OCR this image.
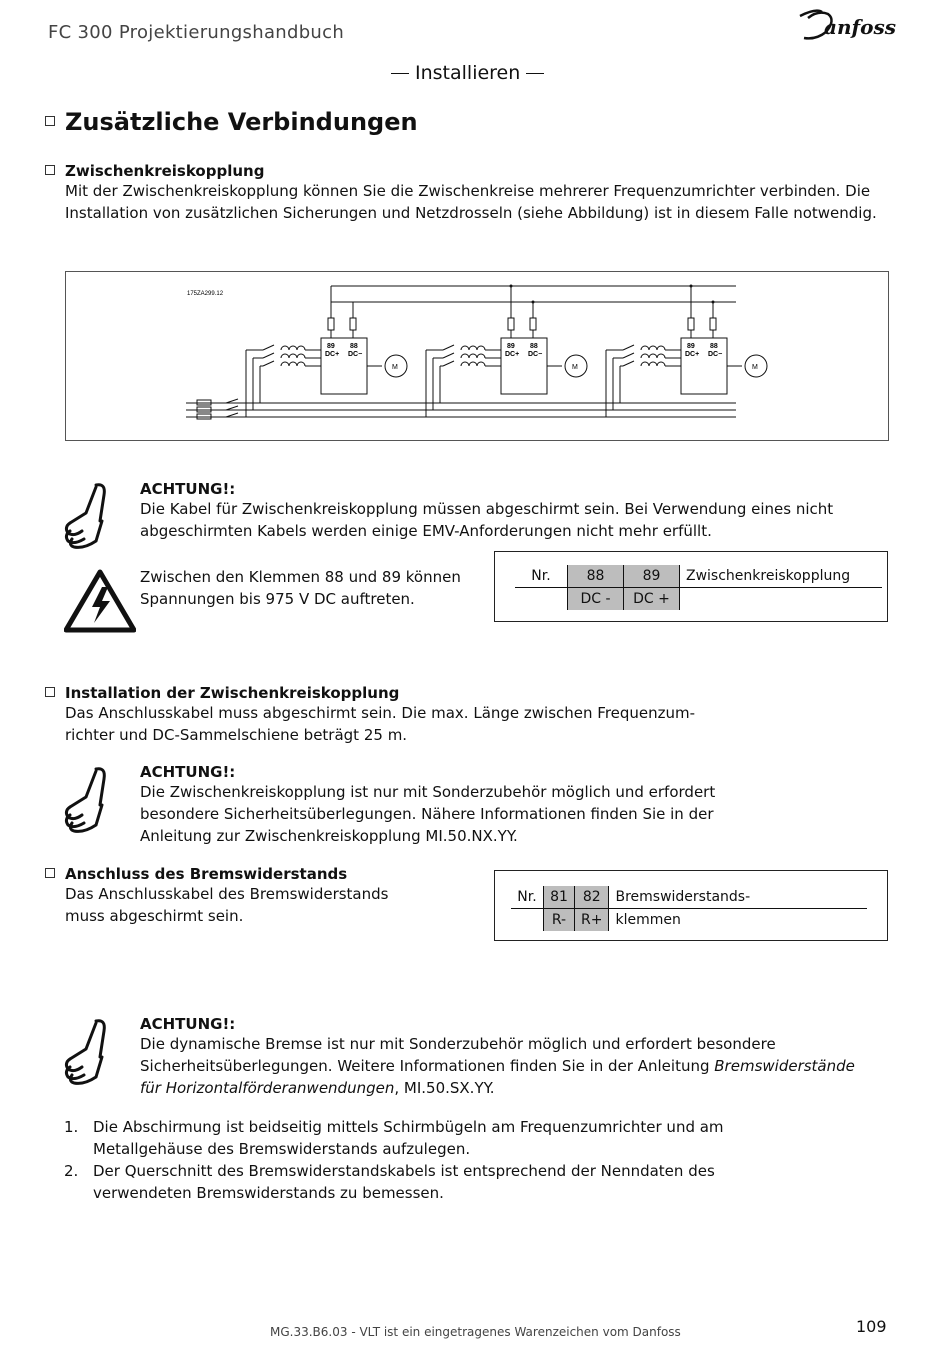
FC 300 Projektierungshandbuch	anfoss
Installieren
Zusätzliche Verbindungen
Zwischenkreiskopplung
Mit der Zwischenkreiskopplung können Sie die Zwischenkreise mehrerer Frequenzumrichter verbinden. Die
Installation von zusätzlichen Sicherungen und Netzdrosseln (siehe Abbildung) ist in diesem Falle notwendig.
175ZA299.12
89 88
DC+ DC−
M
89 88
DC+ DC−
M
89 88
DC+ DC−
M
ACHTUNG!:
Die Kabel für Zwischenkreiskopplung müssen abgeschirmt sein. Bei Verwendung eines nicht
abgeschirmten Kabels werden einige EMV-Anforderungen nicht mehr erfüllt.
Zwischen den Klemmen 88 und 89 können
Spannungen bis 975 V DC auftreten.
Nr.	88	89	Zwischenkreiskopplung
	DC -	DC +	
Installation der Zwischenkreiskopplung
Das Anschlusskabel muss abgeschirmt sein. Die max. Länge zwischen Frequenzum-
richter und DC-Sammelschiene beträgt 25 m.
ACHTUNG!:
Die Zwischenkreiskopplung ist nur mit Sonderzubehör möglich und erfordert
besondere Sicherheitsüberlegungen. Nähere Informationen finden Sie in der
Anleitung zur Zwischenkreiskopplung MI.50.NX.YY.
Anschluss des Bremswiderstands
Das Anschlusskabel des Bremswiderstands
muss abgeschirmt sein.
Nr.	81	82	Bremswiderstands-
	R-	R+	klemmen
ACHTUNG!:
Die dynamische Bremse ist nur mit Sonderzubehör möglich und erfordert besondere
Sicherheitsüberlegungen. Weitere Informationen finden Sie in der Anleitung Bremswiderstände
für Horizontalförderanwendungen, MI.50.SX.YY.
1. Die Abschirmung ist beidseitig mittels Schirmbügeln am Frequenzumrichter und am
Metallgehäuse des Bremswiderstands aufzulegen.
2. Der Querschnitt des Bremswiderstandskabels ist entsprechend der Nenndaten des
verwendeten Bremswiderstands zu bemessen.
MG.33.B6.03 - VLT ist ein eingetragenes Warenzeichen vom Danfoss	109
